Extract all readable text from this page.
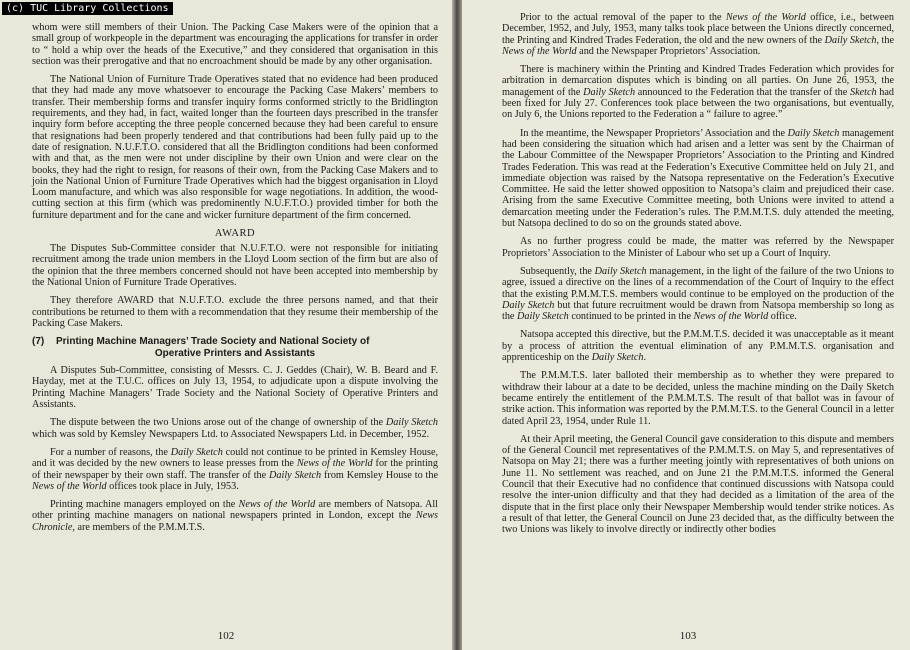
(c) TUC Library Collections

whom were still members of their Union. The Packing Case Makers were of the opinion that a small group of workpeople in the department was encouraging the applications for transfer in order to “ hold a whip over the heads of the Executive,” and they considered that organisation in this section was their prerogative and that no encroachment should be made by any other organisation.

The National Union of Furniture Trade Operatives stated that no evidence had been produced that they had made any move whatsoever to encourage the Packing Case Makers’ members to transfer. Their membership forms and transfer inquiry forms conformed strictly to the Bridlington requirements, and they had, in fact, waited longer than the fourteen days prescribed in the transfer inquiry form before accepting the three people concerned because they had been careful to ensure that resignations had been properly tendered and that contributions had been fully paid up to the date of resignation. N.U.F.T.O. considered that all the Bridlington conditions had been conformed with and that, as the men were not under discipline by their own Union and were clear on the books, they had the right to resign, for reasons of their own, from the Packing Case Makers and to join the National Union of Furniture Trade Operatives which had the biggest organisation in Lloyd Loom manufacture, and which was also responsible for wage negotiations. In addition, the wood-cutting section at this firm (which was predominently N.U.F.T.O.) provided timber for both the furniture department and for the cane and wicker furniture department of the firm concerned.

AWARD

The Disputes Sub-Committee consider that N.U.F.T.O. were not responsible for initiating recruitment among the trade union members in the Lloyd Loom section of the firm but are also of the opinion that the three members concerned should not have been accepted into membership by the National Union of Furniture Trade Operatives.

They therefore AWARD that N.U.F.T.O. exclude the three persons named, and that their contributions be returned to them with a recommendation that they resume their membership of the Packing Case Makers.

(7) Printing Machine Managers’ Trade Society and National Society of
Operative Printers and Assistants

A Disputes Sub-Committee, consisting of Messrs. C. J. Geddes (Chair), W. B. Beard and F. Hayday, met at the T.U.C. offices on July 13, 1954, to adjudicate upon a dispute involving the Printing Machine Managers’ Trade Society and the National Society of Operative Printers and Assistants.

The dispute between the two Unions arose out of the change of ownership of the Daily Sketch which was sold by Kemsley Newspapers Ltd. to Associated Newspapers Ltd. in December, 1952.

For a number of reasons, the Daily Sketch could not continue to be printed in Kemsley House, and it was decided by the new owners to lease presses from the News of the World for the printing of their newspaper by their own staff. The transfer of the Daily Sketch from Kemsley House to the News of the World offices took place in July, 1953.

Printing machine managers employed on the News of the World are members of Natsopa. All other printing machine managers on national newspapers printed in London, except the News Chronicle, are members of the P.M.M.T.S.

102

Prior to the actual removal of the paper to the News of the World office, i.e., between December, 1952, and July, 1953, many talks took place between the Unions directly concerned, the Printing and Kindred Trades Federation, the old and the new owners of the Daily Sketch, the News of the World and the Newspaper Proprietors’ Association.

There is machinery within the Printing and Kindred Trades Federation which provides for arbitration in demarcation disputes which is binding on all parties. On June 26, 1953, the management of the Daily Sketch announced to the Federation that the transfer of the Sketch had been fixed for July 27. Conferences took place between the two organisations, but eventually, on July 6, the Unions reported to the Federation a “ failure to agree.”

In the meantime, the Newspaper Proprietors’ Association and the Daily Sketch management had been considering the situation which had arisen and a letter was sent by the Chairman of the Labour Committee of the Newspaper Proprietors’ Association to the Printing and Kindred Trades Federation. This was read at the Federation’s Executive Committee held on July 21, and immediate objection was raised by the Natsopa representative on the Federation’s Executive Committee. He said the letter showed opposition to Natsopa’s claim and prejudiced their case. Arising from the same Executive Committee meeting, both Unions were invited to attend a demarcation meeting under the Federation’s rules. The P.M.M.T.S. duly attended the meeting, but Natsopa declined to do so on the grounds stated above.

As no further progress could be made, the matter was referred by the Newspaper Proprietors’ Association to the Minister of Labour who set up a Court of Inquiry.

Subsequently, the Daily Sketch management, in the light of the failure of the two Unions to agree, issued a directive on the lines of a recommendation of the Court of Inquiry to the effect that the existing P.M.M.T.S. members would continue to be employed on the production of the Daily Sketch but that future recruitment would be drawn from Natsopa membership so long as the Daily Sketch continued to be printed in the News of the World office.

Natsopa accepted this directive, but the P.M.M.T.S. decided it was unacceptable as it meant by a process of attrition the eventual elimination of any P.M.M.T.S. organisation and apprenticeship on the Daily Sketch.

The P.M.M.T.S. later balloted their membership as to whether they were prepared to withdraw their labour at a date to be decided, unless the machine minding on the Daily Sketch became entirely the entitlement of the P.M.M.T.S. The result of that ballot was in favour of strike action. This information was reported by the P.M.M.T.S. to the General Council in a letter dated April 23, 1954, under Rule 11.

At their April meeting, the General Council gave consideration to this dispute and members of the General Council met representatives of the P.M.M.T.S. on May 5, and representatives of Natsopa on May 21; there was a further meeting jointly with representatives of both unions on June 11. No settlement was reached, and on June 21 the P.M.M.T.S. informed the General Council that their Executive had no confidence that continued discussions with Natsopa could resolve the inter-union difficulty and that they had decided as a limitation of the area of the dispute that in the first place only their Newspaper Membership would tender strike notices. As a result of that letter, the General Council on June 23 decided that, as the difficulty between the two Unions was likely to involve directly or indirectly other bodies

103
